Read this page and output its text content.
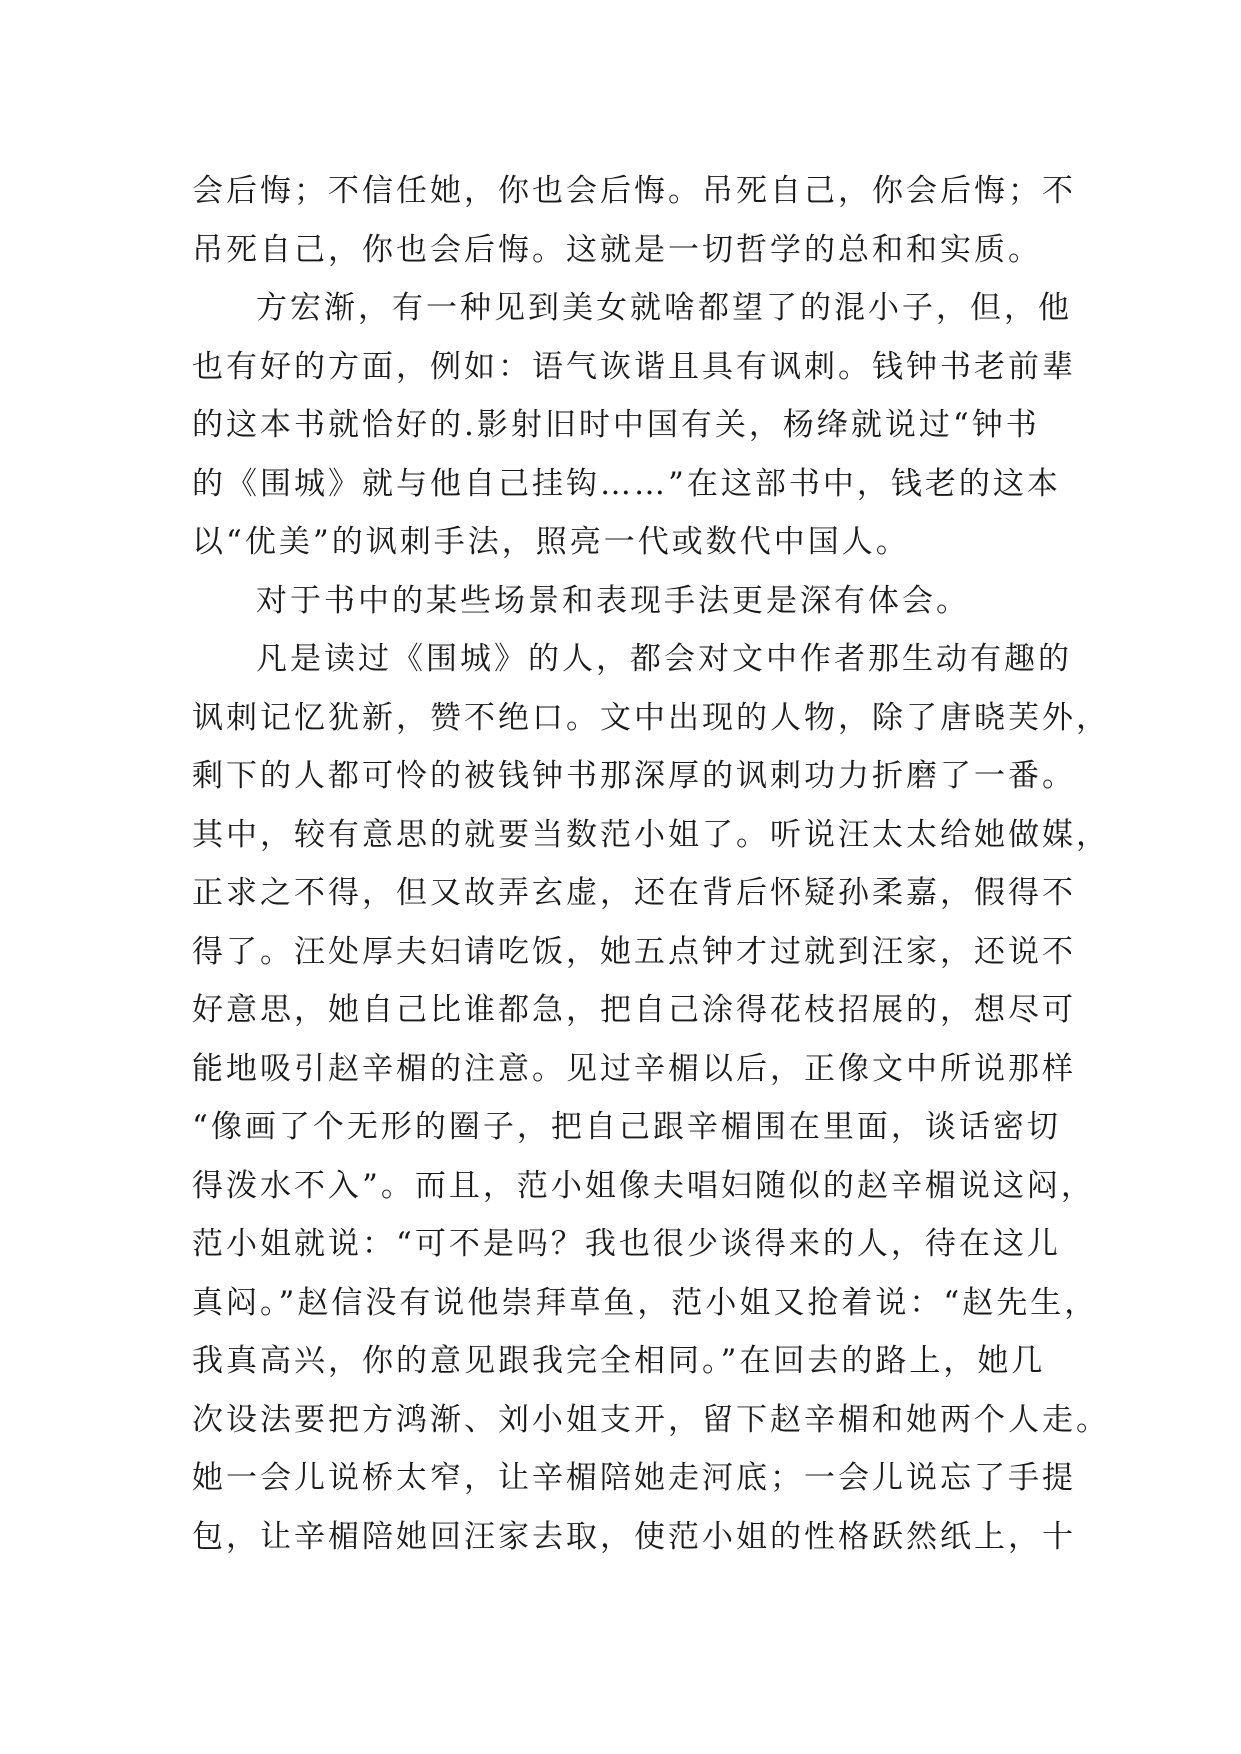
会后悔；不信任她，你也会后悔。吊死自己，你会后悔；不
吊死自己，你也会后悔。这就是一切哲学的总和和实质。
方宏渐，有一种见到美女就啥都望了的混小子，但，他
也有好的方面，例如：语气诙谐且具有讽刺。钱钟书老前辈
的这本书就恰好的.影射旧时中国有关，杨绛就说过“钟书
的《围城》就与他自己挂钩……”在这部书中，钱老的这本
以“优美”的讽刺手法，照亮一代或数代中国人。
对于书中的某些场景和表现手法更是深有体会。
凡是读过《围城》的人，都会对文中作者那生动有趣的
讽刺记忆犹新，赞不绝口。文中出现的人物，除了唐晓芙外，
剩下的人都可怜的被钱钟书那深厚的讽刺功力折磨了一番。
其中，较有意思的就要当数范小姐了。听说汪太太给她做媒，
正求之不得，但又故弄玄虚，还在背后怀疑孙柔嘉，假得不
得了。汪处厚夫妇请吃饭，她五点钟才过就到汪家，还说不
好意思，她自己比谁都急，把自己涂得花枝招展的，想尽可
能地吸引赵辛楣的注意。见过辛楣以后，正像文中所说那样
“像画了个无形的圈子，把自己跟辛楣围在里面，谈话密切
得泼水不入”。而且，范小姐像夫唱妇随似的赵辛楣说这闷，
范小姐就说：“可不是吗？我也很少谈得来的人，待在这儿
真闷。”赵信没有说他崇拜草鱼，范小姐又抢着说：“赵先生，
我真高兴，你的意见跟我完全相同。”在回去的路上，她几
次设法要把方鸿渐、刘小姐支开，留下赵辛楣和她两个人走。
她一会儿说桥太窄，让辛楣陪她走河底；一会儿说忘了手提
包，让辛楣陪她回汪家去取，使范小姐的性格跃然纸上，十
